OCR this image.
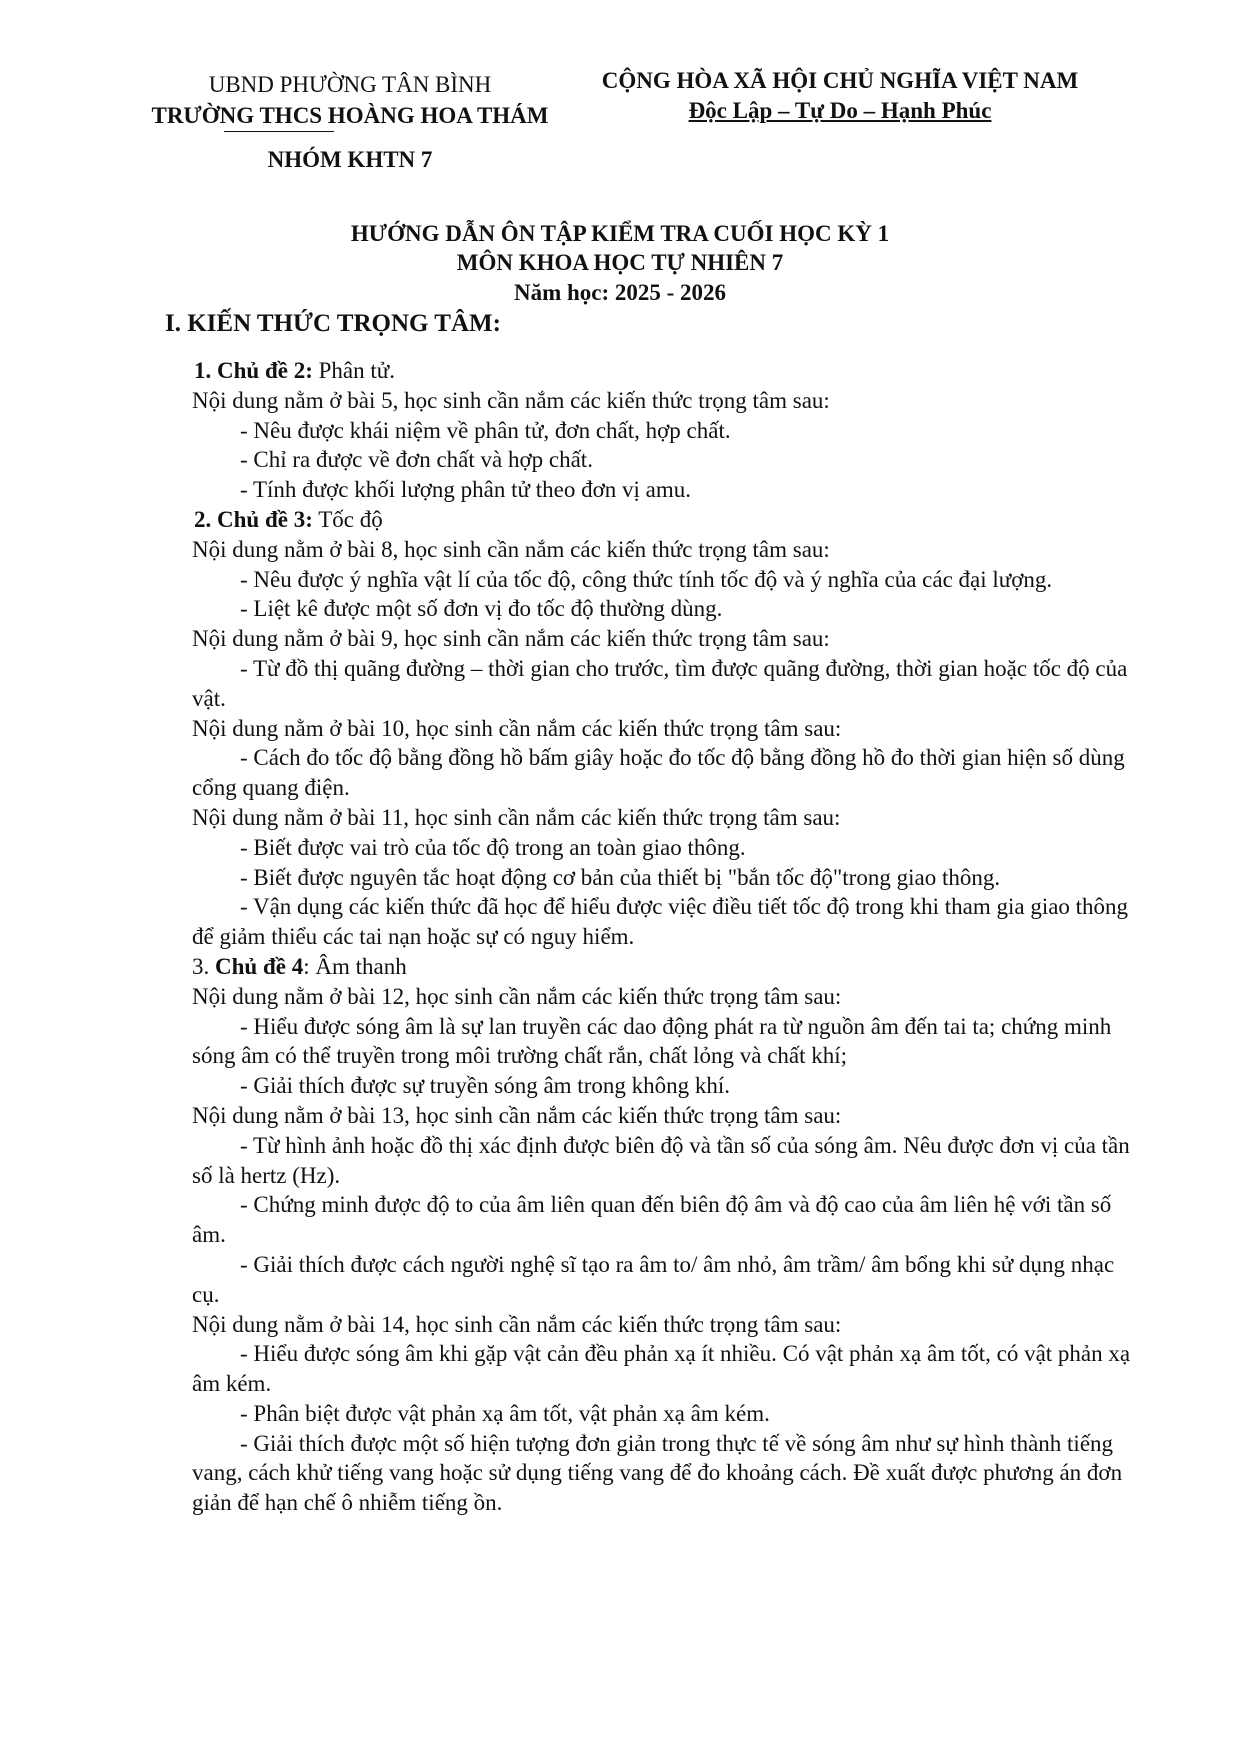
UBND PHƯỜNG TÂN BÌNH
TRƯỜNG THCS HOÀNG HOA THÁM
NHÓM KHTN 7
CỘNG HÒA XÃ HỘI CHỦ NGHĨA VIỆT NAM
Độc Lập – Tự Do – Hạnh Phúc
HƯỚNG DẪN ÔN TẬP KIỂM TRA CUỐI HỌC KỲ 1
MÔN KHOA HỌC TỰ NHIÊN 7
Năm học: 2025 - 2026
I. KIẾN THỨC TRỌNG TÂM:

1. Chủ đề 2: Phân tử.

Nội dung nằm ở bài 5, học sinh cần nắm các kiến thức trọng tâm sau:

- Nêu được khái niệm về phân tử, đơn chất, hợp chất.

- Chỉ ra được về đơn chất và hợp chất.

- Tính được khối lượng phân tử theo đơn vị amu.

2. Chủ đề 3: Tốc độ

Nội dung nằm ở bài 8, học sinh cần nắm các kiến thức trọng tâm sau:

- Nêu được ý nghĩa vật lí của tốc độ, công thức tính tốc độ và ý nghĩa của các đại lượng.

- Liệt kê được một số đơn vị đo tốc độ thường dùng.

Nội dung nằm ở bài 9, học sinh cần nắm các kiến thức trọng tâm sau:

- Từ đồ thị quãng đường – thời gian cho trước, tìm được quãng đường, thời gian hoặc tốc độ của vật.

Nội dung nằm ở bài 10, học sinh cần nắm các kiến thức trọng tâm sau:

- Cách đo tốc độ bằng đồng hồ bấm giây hoặc đo tốc độ bằng đồng hồ đo thời gian hiện số dùng cổng quang điện.

Nội dung nằm ở bài 11, học sinh cần nắm các kiến thức trọng tâm sau:

- Biết được vai trò của tốc độ trong an toàn giao thông.

- Biết được nguyên tắc hoạt động cơ bản của thiết bị "bắn tốc độ"trong giao thông.

- Vận dụng các kiến thức đã học để hiểu được việc điều tiết tốc độ trong khi tham gia giao thông để giảm thiểu các tai nạn hoặc sự có nguy hiểm.

3. Chủ đề 4: Âm thanh

Nội dung nằm ở bài 12, học sinh cần nắm các kiến thức trọng tâm sau:

- Hiểu được sóng âm là sự lan truyền các dao động phát ra từ nguồn âm đến tai ta; chứng minh sóng âm có thể truyền trong môi trường chất rắn, chất lỏng và chất khí;

- Giải thích được sự truyền sóng âm trong không khí.

Nội dung nằm ở bài 13, học sinh cần nắm các kiến thức trọng tâm sau:

- Từ hình ảnh hoặc đồ thị xác định được biên độ và tần số của sóng âm. Nêu được đơn vị của tần số là hertz (Hz).

- Chứng minh được độ to của âm liên quan đến biên độ âm và độ cao của âm liên hệ với tần số âm.

- Giải thích được cách người nghệ sĩ tạo ra âm to/ âm nhỏ, âm trầm/ âm bổng khi sử dụng nhạc cụ.

Nội dung nằm ở bài 14, học sinh cần nắm các kiến thức trọng tâm sau:

- Hiểu được sóng âm khi gặp vật cản đều phản xạ ít nhiều. Có vật phản xạ âm tốt, có vật phản xạ âm kém.

- Phân biệt được vật phản xạ âm tốt, vật phản xạ âm kém.

- Giải thích được một số hiện tượng đơn giản trong thực tế về sóng âm như sự hình thành tiếng vang, cách khử tiếng vang hoặc sử dụng tiếng vang để đo khoảng cách. Đề xuất được phương án đơn giản để hạn chế ô nhiễm tiếng ồn.
